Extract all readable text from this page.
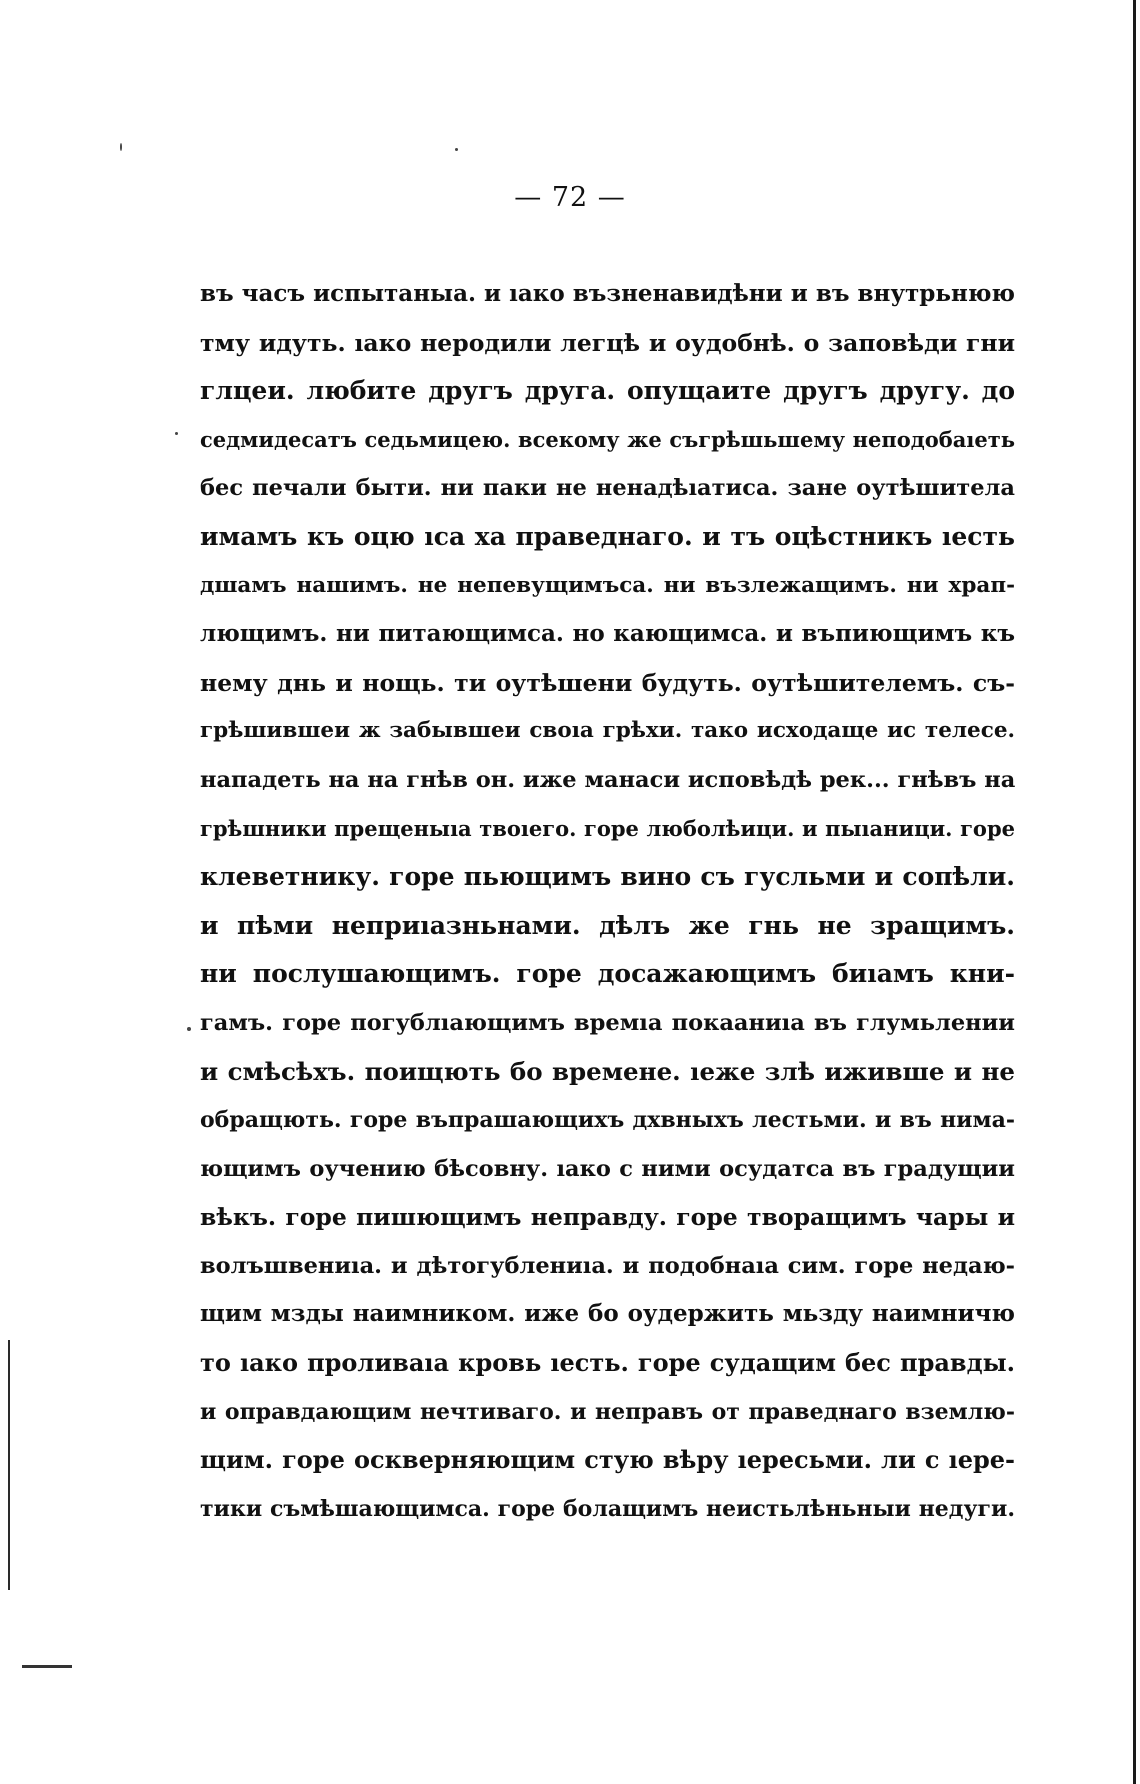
— 72 —
въ часъ испытаныа. и ıако възненавидѣни и въ внутрьнюю
тму идуть. ıако неродили легцѣ и оудобнѣ. о заповѣди гни
глцеи. любите другъ друга. опущаите другъ другу. до
седмидесатъ седьмицею. всекому же съгрѣшьшему неподобаıеть
бес печали быти. ни паки не ненадѣıатиса. зане оутѣшитела
имамъ къ оцю ıса ха праведнаго. и тъ оцѣстникъ ıесть
дшамъ нашимъ. не непевущимъса. ни възлежащимъ. ни храп-
лющимъ. ни питающимса. но кающимса. и въпиющимъ къ
нему днь и нощь. ти оутѣшени будуть. оутѣшителемъ. съ-
грѣшившеи ж забывшеи своıа грѣхи. тако исходаще ис телесе.
нападеть на на гнѣв он. иже манаси исповѣдѣ рек... гнѣвъ на
грѣшники прещеныıа твоıего. горе люболѣици. и пыıаници. горе
клеветнику. горе пьющимъ вино съ гусльми и сопѣли.
и пѣми неприıазньнами. дѣлъ же гнь не зращимъ.
ни послушающимъ. горе досажающимъ биıамъ кни-
гамъ. горе погублıающимъ времıа покааниıа въ глумьлении
и смѣсѣхъ. поищють бо времене. ıеже злѣ иживше и не
обращють. горе въпрашающихъ дхвныхъ лестьми. и въ нима-
ющимъ оучению бѣсовну. ıако с ними осудатса въ градущии
вѣкъ. горе пишющимъ неправду. горе творащимъ чары и
волъшвениıа. и дѣтогублениıа. и подобнаıа сим. горе недаю-
щим мзды наимником. иже бо оудержить мьзду наимничю
то ıако проливаıа кровь ıесть. горе судащим бес правды.
и оправдающим нечтиваго. и неправъ от праведнаго вземлю-
щим. горе оскверняющим стую вѣру ıересьми. ли с ıере-
тики съмѣшающимса. горе болащимъ неистьлѣньныи недуги.
